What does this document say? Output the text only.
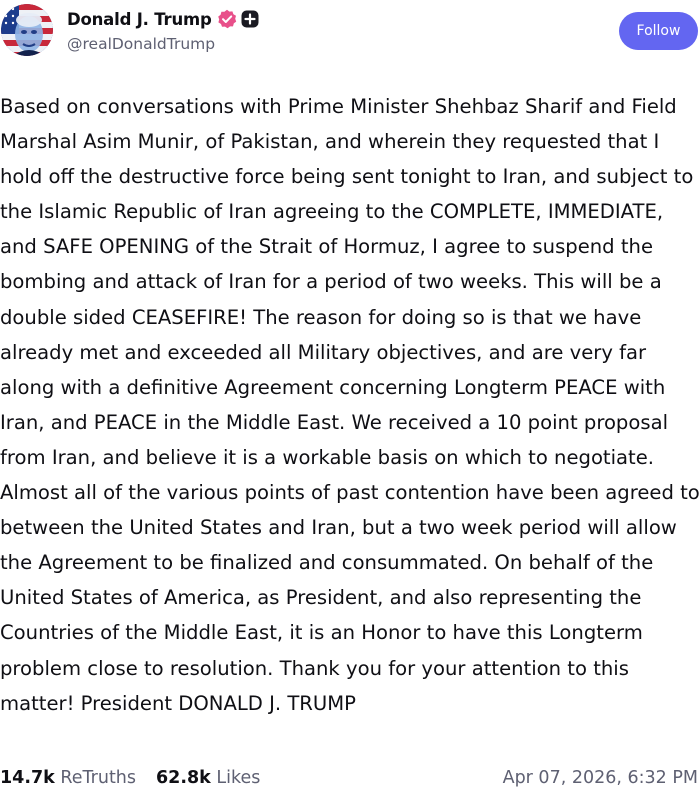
Donald J. Trump
@realDonaldTrump
Follow

Based on conversations with Prime Minister Shehbaz Sharif and Field Marshal Asim Munir, of Pakistan, and wherein they requested that I hold off the destructive force being sent tonight to Iran, and subject to the Islamic Republic of Iran agreeing to the COMPLETE, IMMEDIATE, and SAFE OPENING of the Strait of Hormuz, I agree to suspend the bombing and attack of Iran for a period of two weeks. This will be a double sided CEASEFIRE! The reason for doing so is that we have already met and exceeded all Military objectives, and are very far along with a definitive Agreement concerning Longterm PEACE with Iran, and PEACE in the Middle East. We received a 10 point proposal from Iran, and believe it is a workable basis on which to negotiate. Almost all of the various points of past contention have been agreed to between the United States and Iran, but a two week period will allow the Agreement to be finalized and consummated. On behalf of the United States of America, as President, and also representing the Countries of the Middle East, it is an Honor to have this Longterm problem close to resolution. Thank you for your attention to this matter! President DONALD J. TRUMP

14.7k ReTruths 62.8k Likes	Apr 07, 2026, 6:32 PM
